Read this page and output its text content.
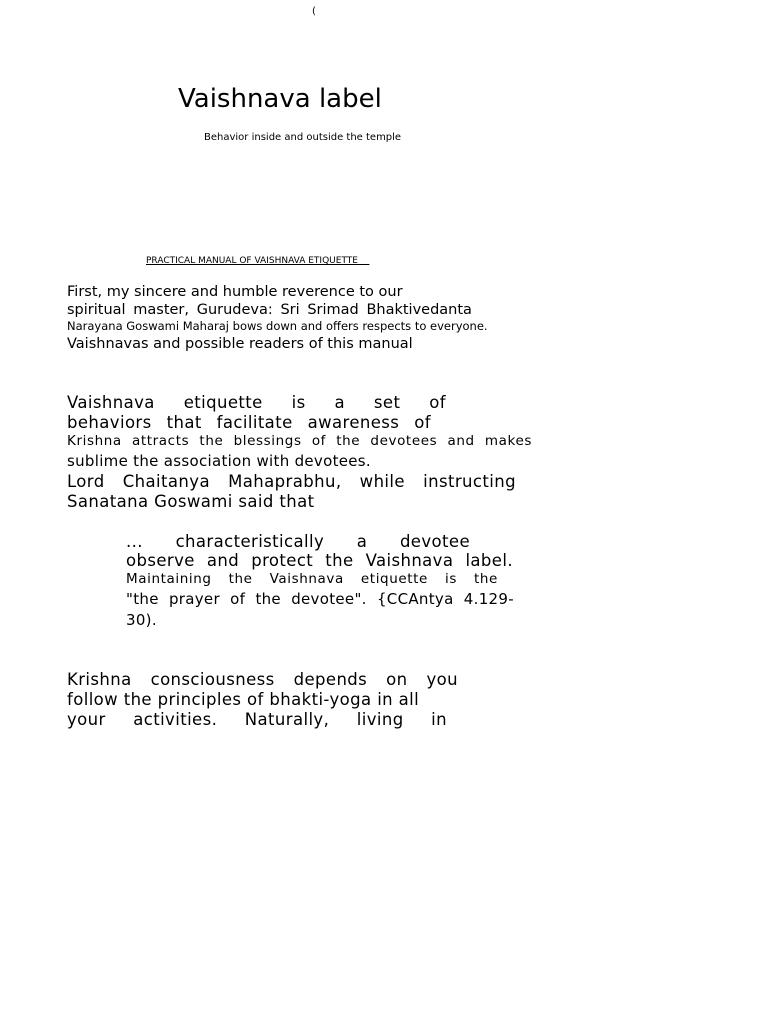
(
Vaishnava label
Behavior inside and outside the temple
PRACTICAL MANUAL OF VAISHNAVA ETIQUETTE
First, my sincere and humble reverence to our
spiritual master, Gurudeva: Sri Srimad Bhaktivedanta
Narayana Goswami Maharaj bows down and offers respects to everyone.
Vaishnavas and possible readers of this manual
Vaishnava etiquette is a set of
behaviors that facilitate awareness of
Krishna attracts the blessings of the devotees and makes
sublime the association with devotees.
Lord Chaitanya Mahaprabhu, while instructing
Sanatana Goswami said that
... characteristically a devotee
observe and protect the Vaishnava label.
Maintaining the Vaishnava etiquette is the
"the prayer of the devotee". {CCAntya 4.129-
30).
Krishna consciousness depends on you
follow the principles of bhakti-yoga in all
your activities. Naturally, living in
